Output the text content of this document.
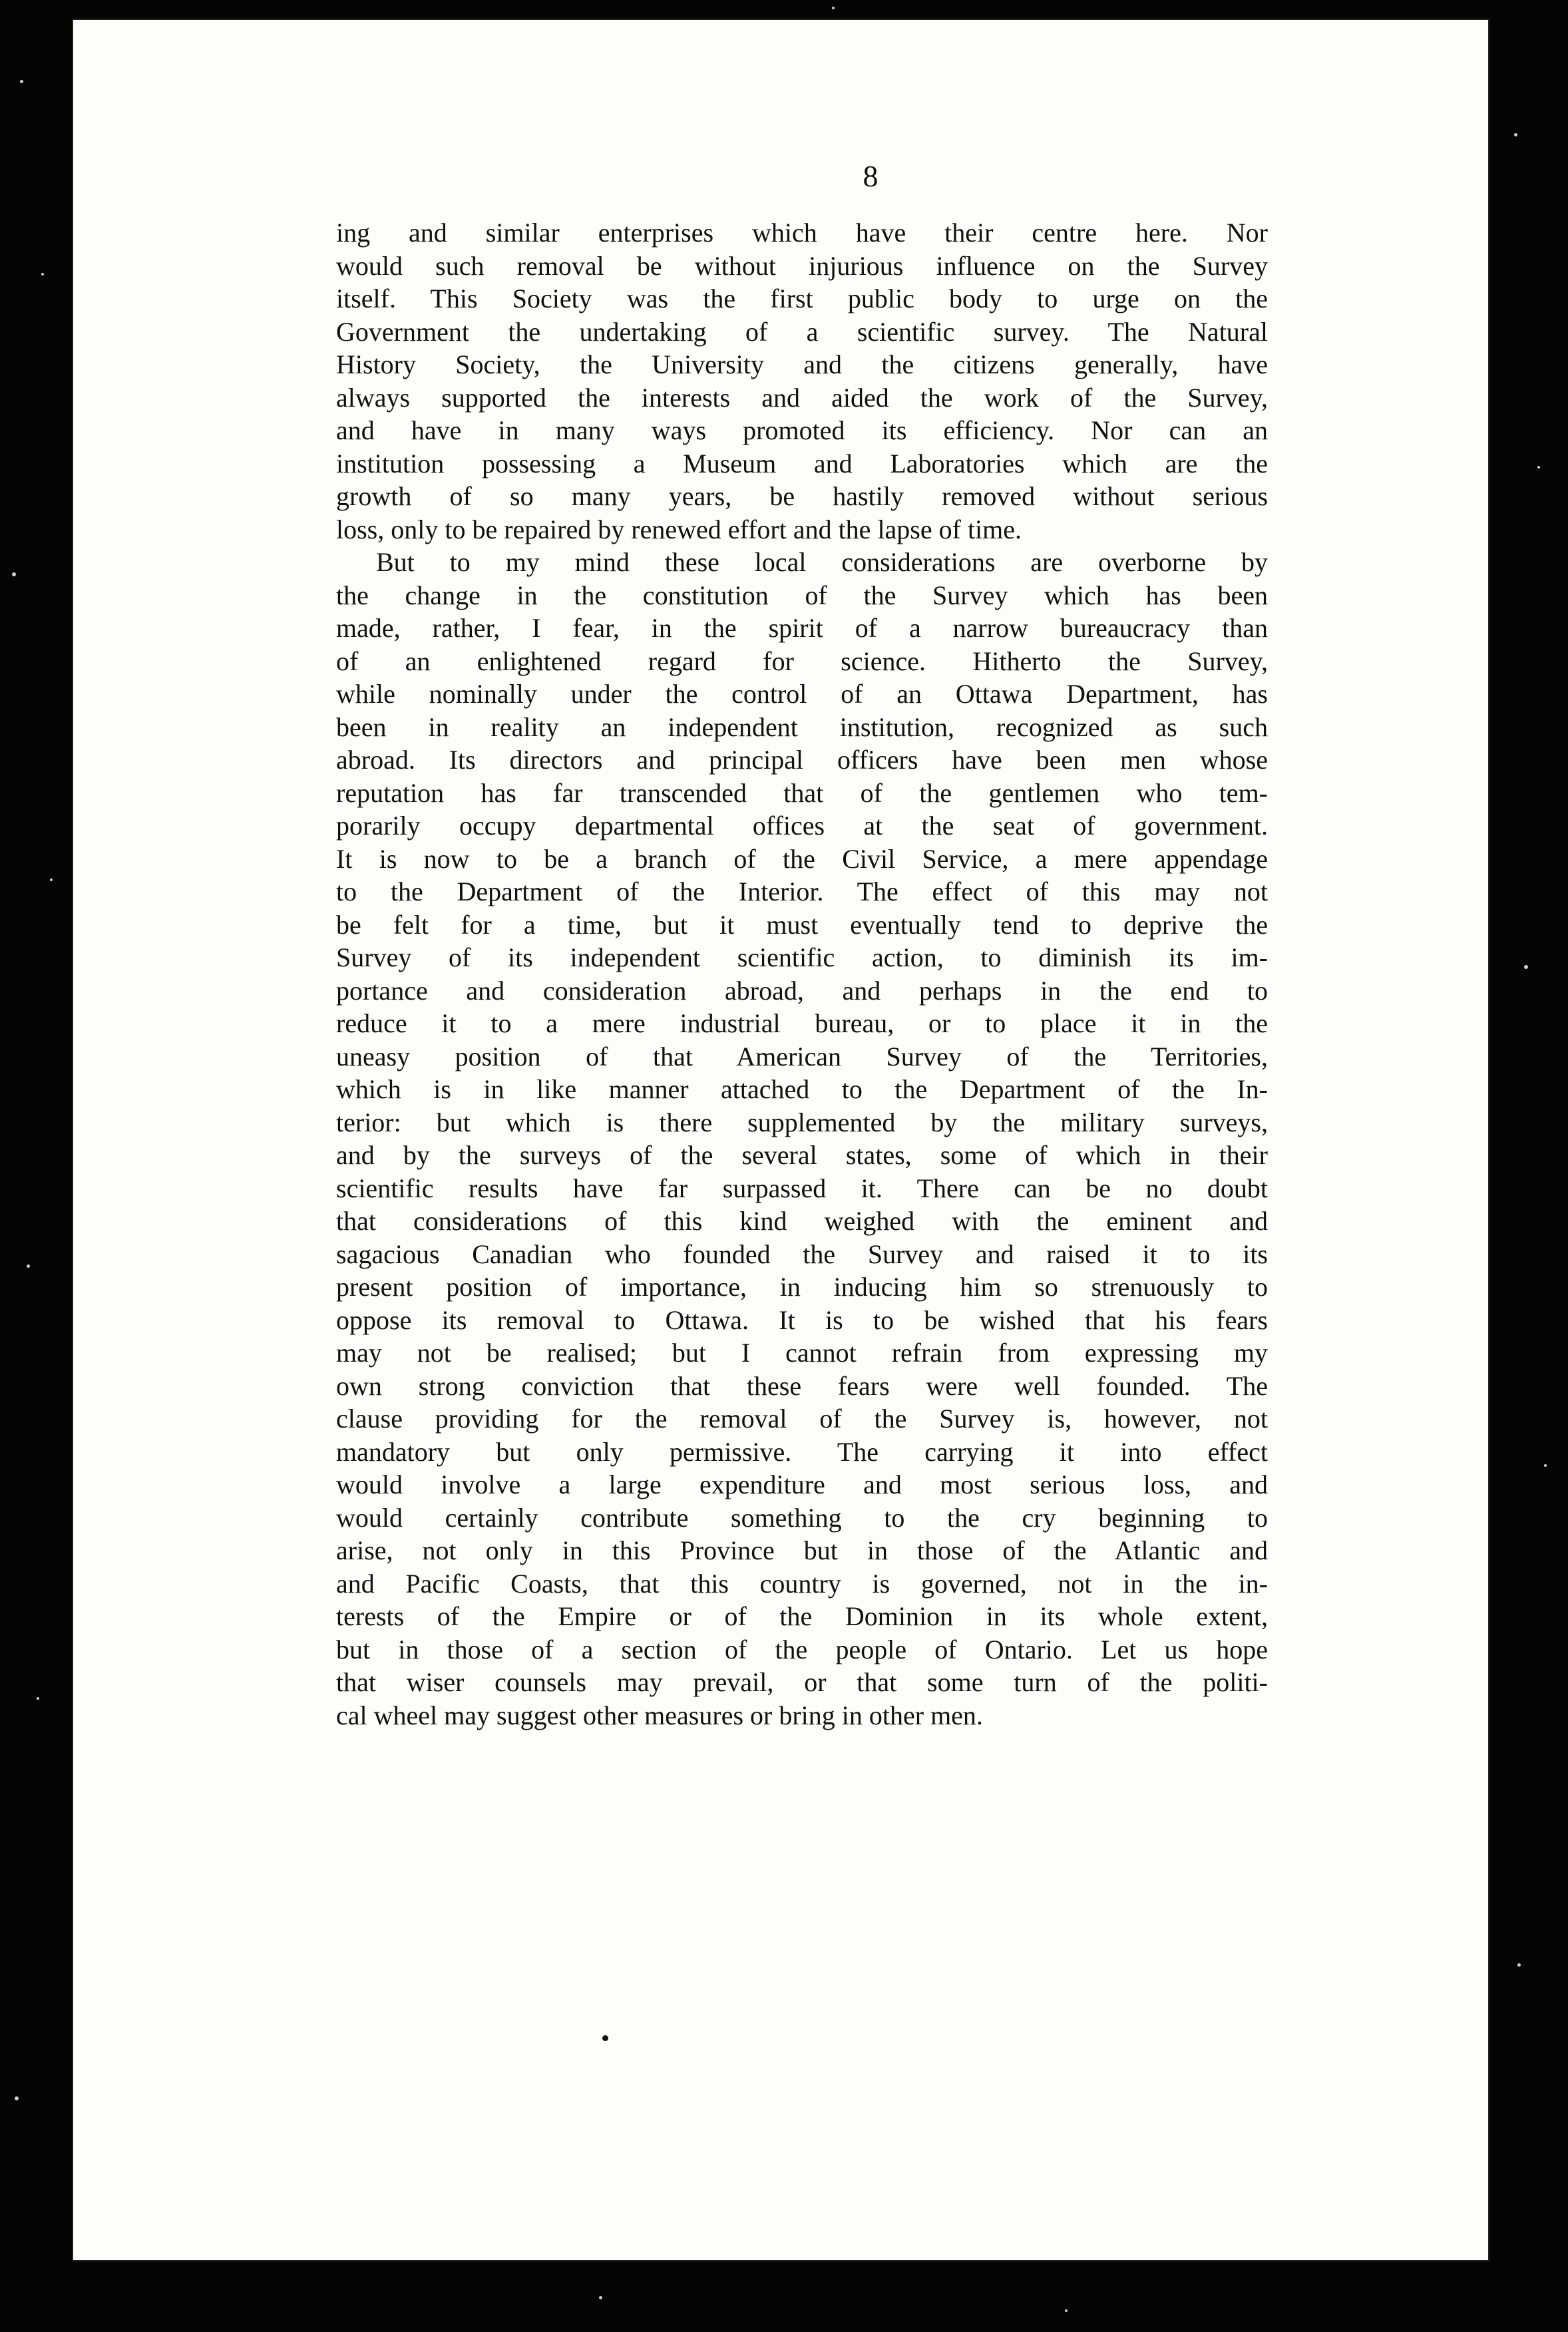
8
ing and similar enterprises which have their centre here. Nor
would such removal be without injurious influence on the Survey
itself. This Society was the first public body to urge on the
Government the undertaking of a scientific survey. The Natural
History Society, the University and the citizens generally, have
always supported the interests and aided the work of the Survey,
and have in many ways promoted its efficiency. Nor can an
institution possessing a Museum and Laboratories which are the
growth of so many years, be hastily removed without serious
loss, only to be repaired by renewed effort and the lapse of time.
But to my mind these local considerations are overborne by
the change in the constitution of the Survey which has been
made, rather, I fear, in the spirit of a narrow bureaucracy than
of an enlightened regard for science. Hitherto the Survey,
while nominally under the control of an Ottawa Department, has
been in reality an independent institution, recognized as such
abroad. Its directors and principal officers have been men whose
reputation has far transcended that of the gentlemen who tem-
porarily occupy departmental offices at the seat of government.
It is now to be a branch of the Civil Service, a mere appendage
to the Department of the Interior. The effect of this may not
be felt for a time, but it must eventually tend to deprive the
Survey of its independent scientific action, to diminish its im-
portance and consideration abroad, and perhaps in the end to
reduce it to a mere industrial bureau, or to place it in the
uneasy position of that American Survey of the Territories,
which is in like manner attached to the Department of the In-
terior: but which is there supplemented by the military surveys,
and by the surveys of the several states, some of which in their
scientific results have far surpassed it. There can be no doubt
that considerations of this kind weighed with the eminent and
sagacious Canadian who founded the Survey and raised it to its
present position of importance, in inducing him so strenuously to
oppose its removal to Ottawa. It is to be wished that his fears
may not be realised; but I cannot refrain from expressing my
own strong conviction that these fears were well founded. The
clause providing for the removal of the Survey is, however, not
mandatory but only permissive. The carrying it into effect
would involve a large expenditure and most serious loss, and
would certainly contribute something to the cry beginning to
arise, not only in this Province but in those of the Atlantic and
and Pacific Coasts, that this country is governed, not in the in-
terests of the Empire or of the Dominion in its whole extent,
but in those of a section of the people of Ontario. Let us hope
that wiser counsels may prevail, or that some turn of the politi-
cal wheel may suggest other measures or bring in other men.
